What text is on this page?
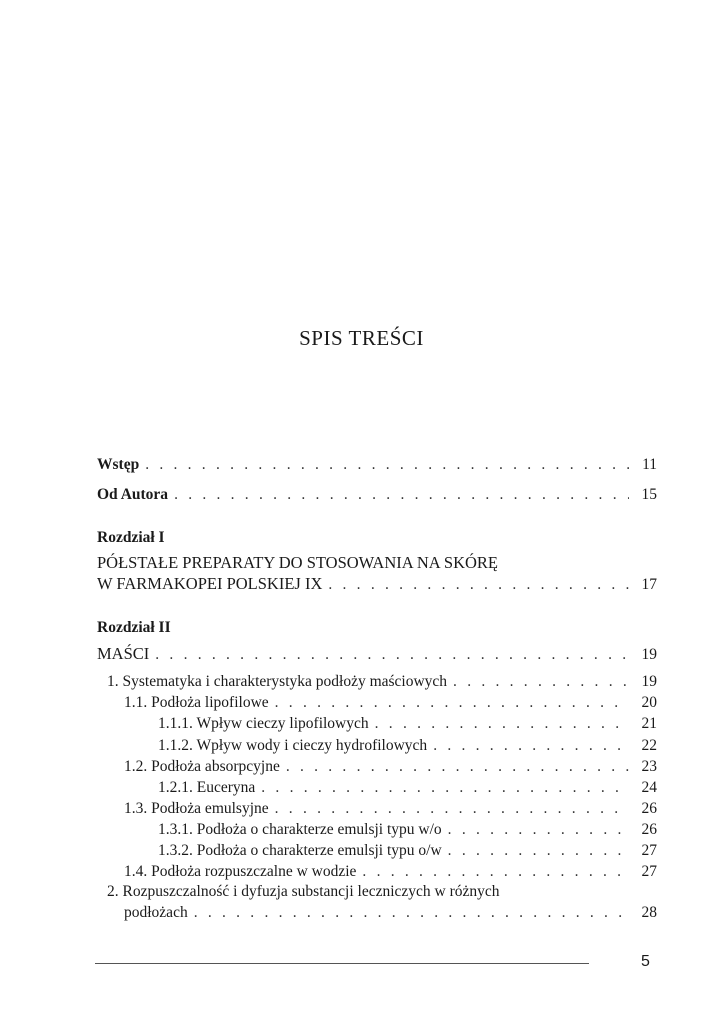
SPIS TREŚCI
Wstęp . . .	11
Od Autora . . .	15
Rozdział I
PÓŁSTAŁE PREPARATY DO STOSOWANIA NA SKÓRĘ
W FARMAKOPEI POLSKIEJ IX . . .	17
Rozdział II
MAŚCI . . .	19
1. Systematyka i charakterystyka podłoży maściowych . . .	19
1.1. Podłoża lipofilowe . . .	20
1.1.1. Wpływ cieczy lipofilowych . . .	21
1.1.2. Wpływ wody i cieczy hydrofilowych . . .	22
1.2. Podłoża absorpcyjne . . .	23
1.2.1. Euceryna . . .	24
1.3. Podłoża emulsyjne . . .	26
1.3.1. Podłoża o charakterze emulsji typu w/o . . .	26
1.3.2. Podłoża o charakterze emulsji typu o/w . . .	27
1.4. Podłoża rozpuszczalne w wodzie . . .	27
2. Rozpuszczalność i dyfuzja substancji leczniczych w różnych
podłożach . . .	28
5
